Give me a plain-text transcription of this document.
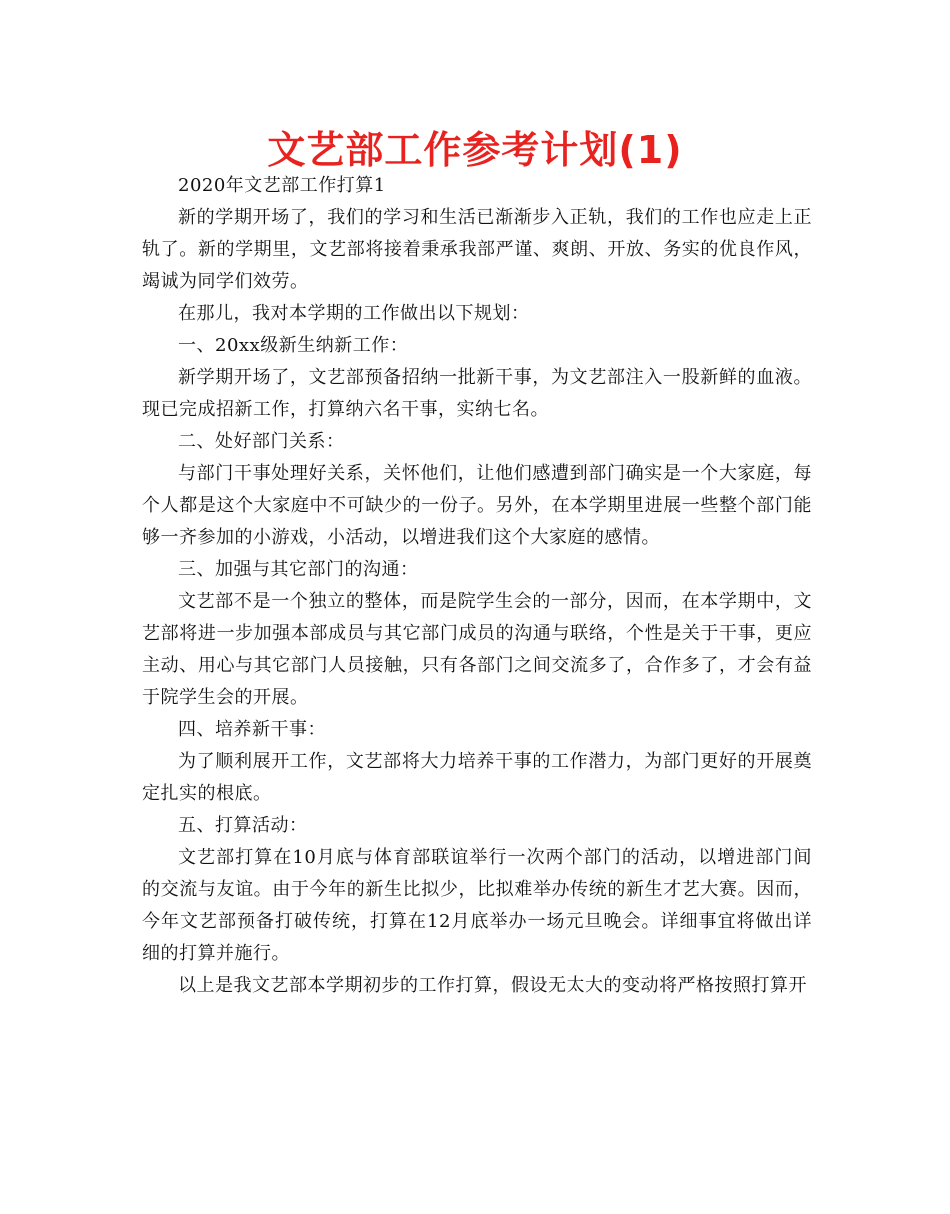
文艺部工作参考计划(1)

2020年文艺部工作打算1

新的学期开场了，我们的学习和生活已渐渐步入正轨，我们的工作也应走上正轨了。新的学期里，文艺部将接着秉承我部严谨、爽朗、开放、务实的优良作风，竭诚为同学们效劳。

在那儿，我对本学期的工作做出以下规划：

一、20xx级新生纳新工作：

新学期开场了，文艺部预备招纳一批新干事，为文艺部注入一股新鲜的血液。现已完成招新工作，打算纳六名干事，实纳七名。

二、处好部门关系：

与部门干事处理好关系，关怀他们，让他们感遭到部门确实是一个大家庭，每个人都是这个大家庭中不可缺少的一份子。另外，在本学期里进展一些整个部门能够一齐参加的小游戏，小活动，以增进我们这个大家庭的感情。

三、加强与其它部门的沟通：

文艺部不是一个独立的整体，而是院学生会的一部分，因而，在本学期中，文艺部将进一步加强本部成员与其它部门成员的沟通与联络，个性是关于干事，更应主动、用心与其它部门人员接触，只有各部门之间交流多了，合作多了，才会有益于院学生会的开展。

四、培养新干事：

为了顺利展开工作，文艺部将大力培养干事的工作潜力，为部门更好的开展奠定扎实的根底。

五、打算活动：

文艺部打算在10月底与体育部联谊举行一次两个部门的活动，以增进部门间的交流与友谊。由于今年的新生比拟少，比拟难举办传统的新生才艺大赛。因而，今年文艺部预备打破传统，打算在12月底举办一场元旦晚会。详细事宜将做出详细的打算并施行。

以上是我文艺部本学期初步的工作打算，假设无太大的变动将严格按照打算开
